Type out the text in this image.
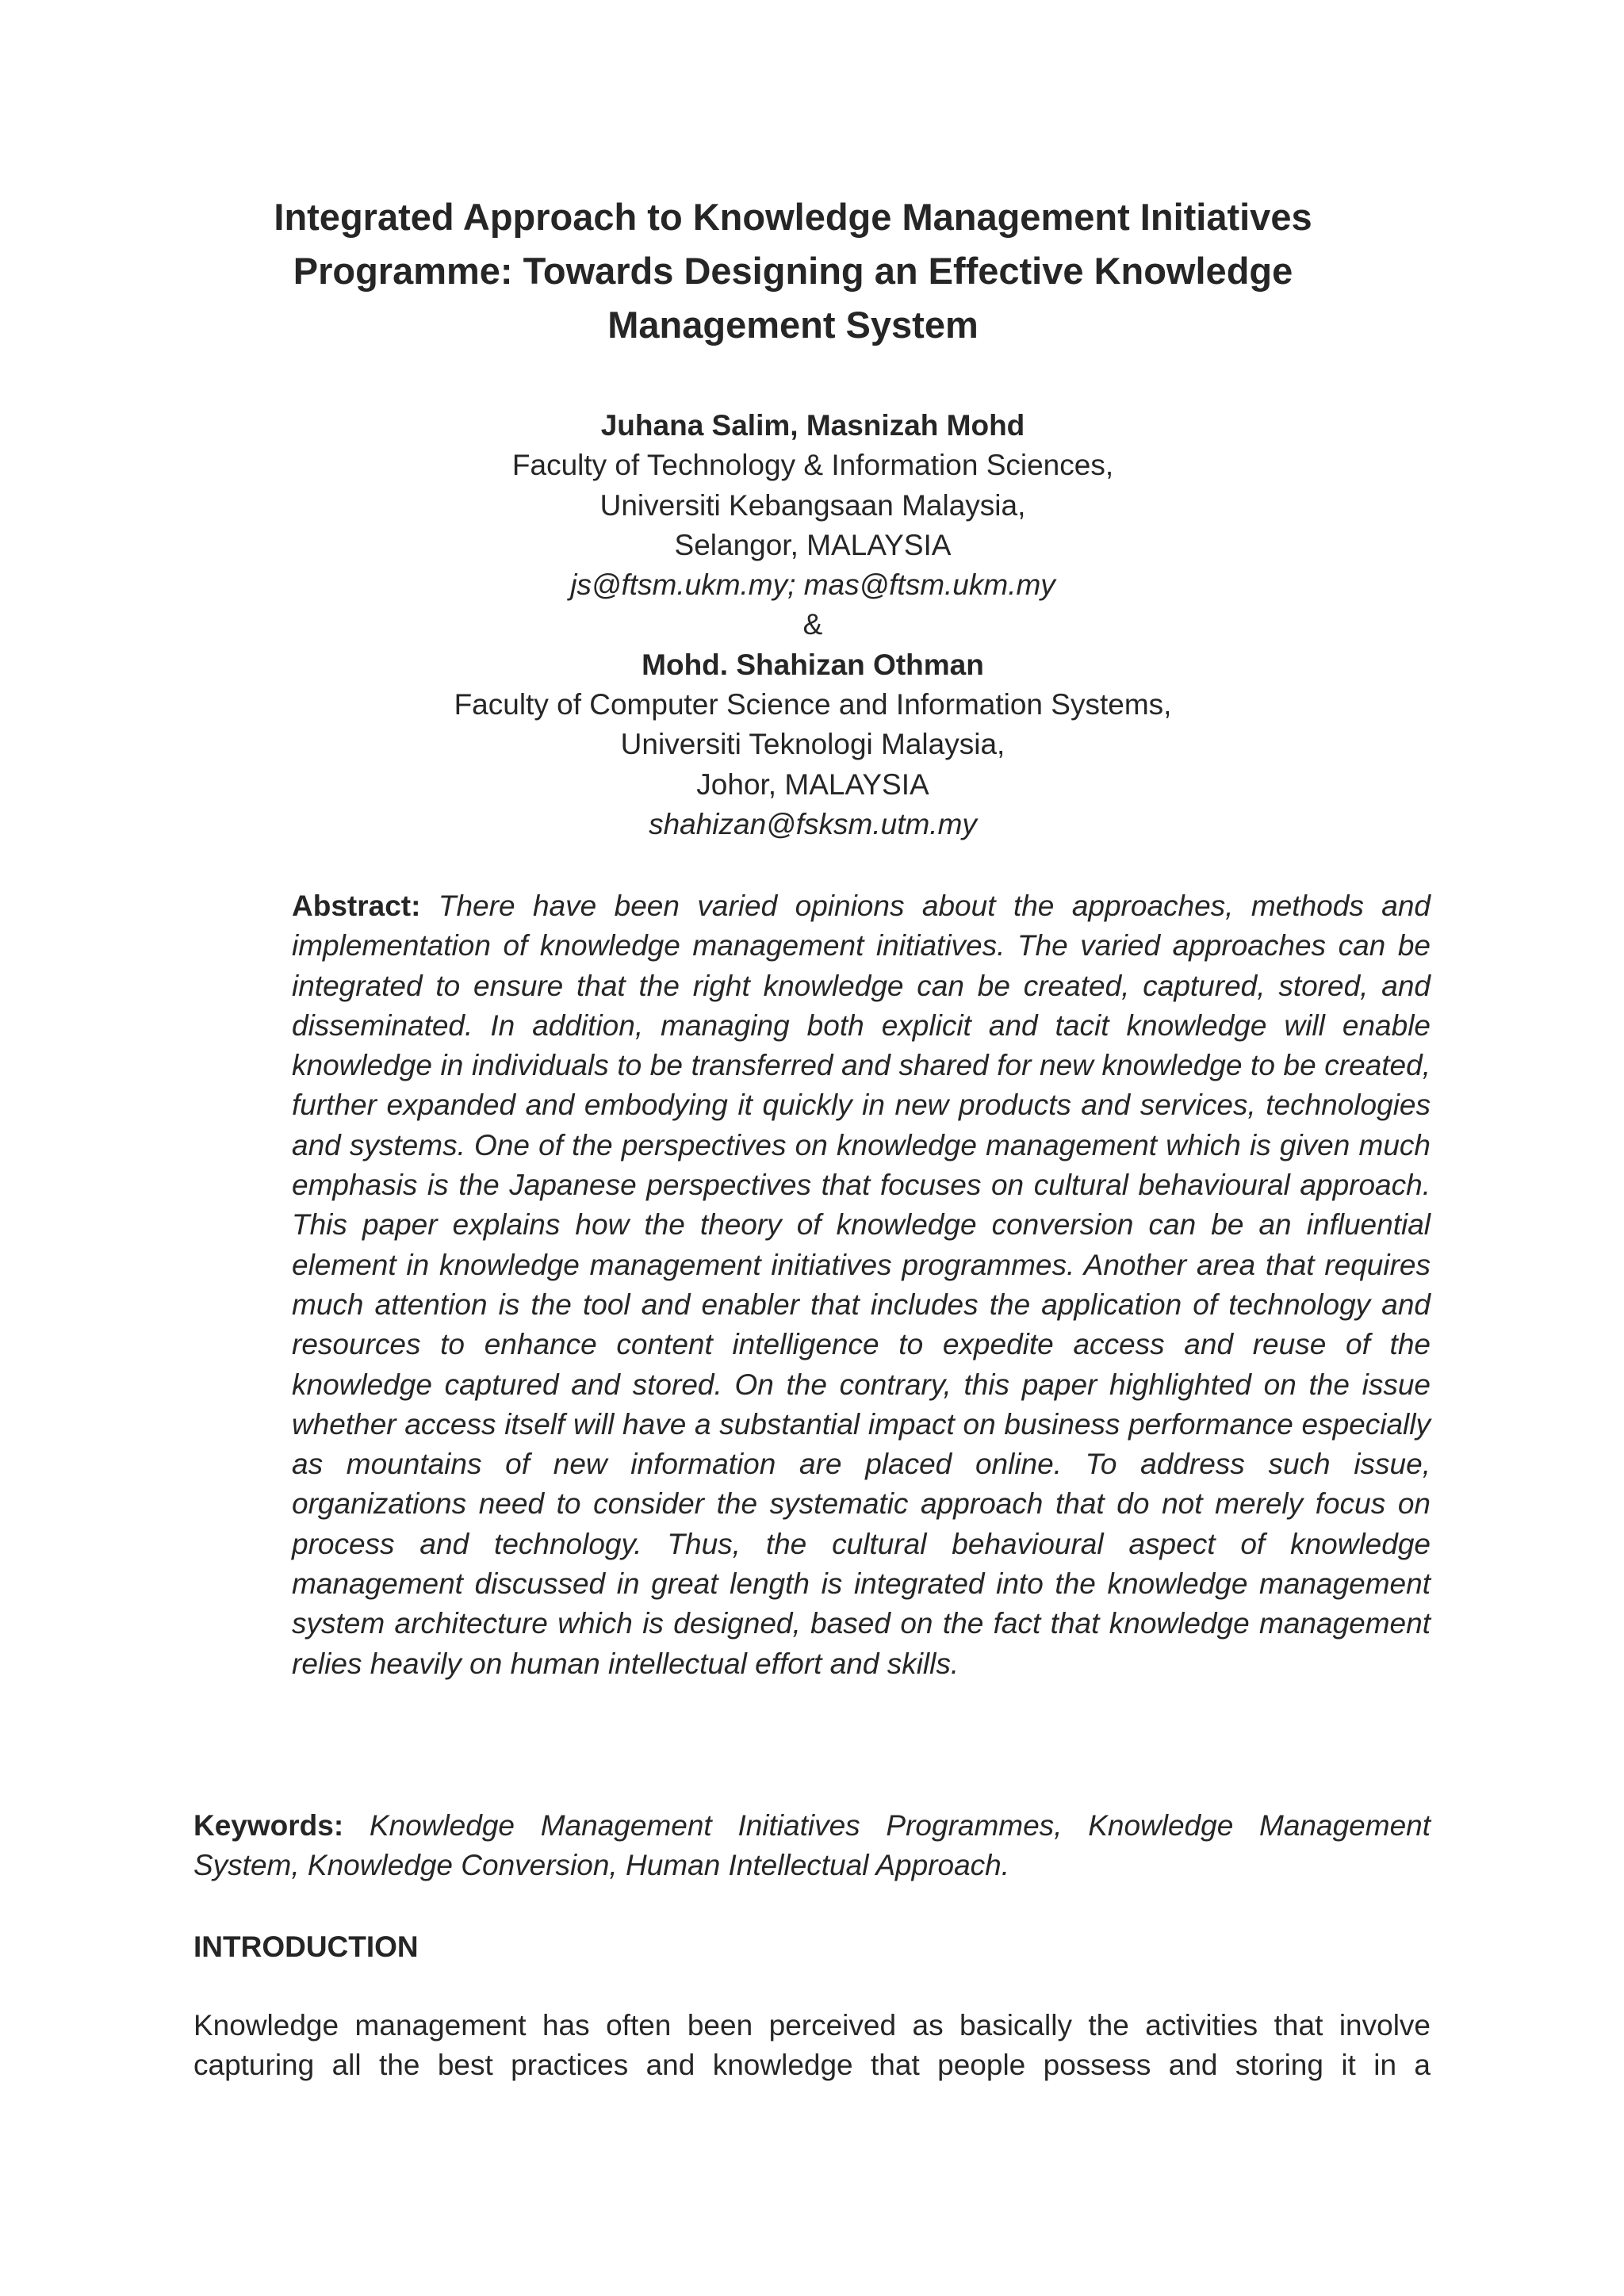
Integrated Approach to Knowledge Management Initiatives Programme: Towards Designing an Effective Knowledge Management System
Juhana Salim, Masnizah Mohd
Faculty of Technology & Information Sciences,
Universiti Kebangsaan Malaysia,
Selangor, MALAYSIA
js@ftsm.ukm.my; mas@ftsm.ukm.my
&
Mohd. Shahizan Othman
Faculty of Computer Science and Information Systems,
Universiti Teknologi Malaysia,
Johor, MALAYSIA
shahizan@fsksm.utm.my

Abstract: There have been varied opinions about the approaches, methods and implementation of knowledge management initiatives. The varied approaches can be integrated to ensure that the right knowledge can be created, captured, stored, and disseminated. In addition, managing both explicit and tacit knowledge will enable knowledge in individuals to be transferred and shared for new knowledge to be created, further expanded and embodying it quickly in new products and services, technologies and systems. One of the perspectives on knowledge management which is given much emphasis is the Japanese perspectives that focuses on cultural behavioural approach. This paper explains how the theory of knowledge conversion can be an influential element in knowledge management initiatives programmes. Another area that requires much attention is the tool and enabler that includes the application of technology and resources to enhance content intelligence to expedite access and reuse of the knowledge captured and stored. On the contrary, this paper highlighted on the issue whether access itself will have a substantial impact on business performance especially as mountains of new information are placed online. To address such issue, organizations need to consider the systematic approach that do not merely focus on process and technology. Thus, the cultural behavioural aspect of knowledge management discussed in great length is integrated into the knowledge management system architecture which is designed, based on the fact that knowledge management relies heavily on human intellectual effort and skills.

Keywords: Knowledge Management Initiatives Programmes, Knowledge Management System, Knowledge Conversion, Human Intellectual Approach.

INTRODUCTION

Knowledge management has often been perceived as basically the activities that involve capturing all the best practices and knowledge that people possess and storing it in a
